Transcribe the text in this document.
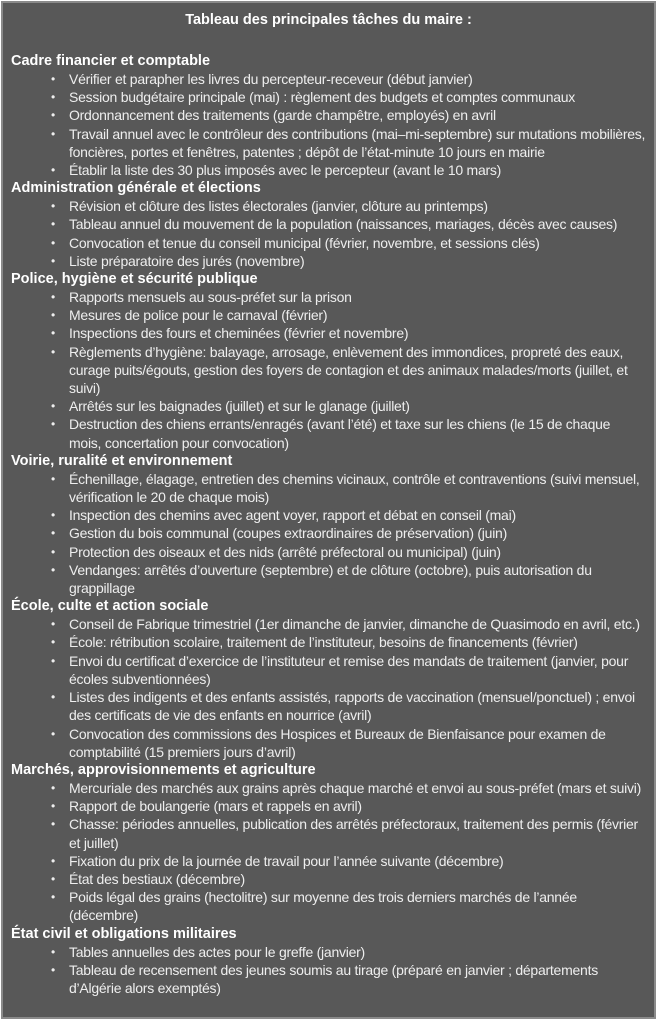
Tableau des principales tâches du maire :
Cadre financier et comptable
• Vérifier et parapher les livres du percepteur-receveur (début janvier)
• Session budgétaire principale (mai) : règlement des budgets et comptes communaux
• Ordonnancement des traitements (garde champêtre, employés) en avril
• Travail annuel avec le contrôleur des contributions (mai–mi-septembre) sur mutations mobilières, foncières, portes et fenêtres, patentes ; dépôt de l’état-minute 10 jours en mairie
• Établir la liste des 30 plus imposés avec le percepteur (avant le 10 mars)
Administration générale et élections
• Révision et clôture des listes électorales (janvier, clôture au printemps)
• Tableau annuel du mouvement de la population (naissances, mariages, décès avec causes)
• Convocation et tenue du conseil municipal (février, novembre, et sessions clés)
• Liste préparatoire des jurés (novembre)
Police, hygiène et sécurité publique
• Rapports mensuels au sous-préfet sur la prison
• Mesures de police pour le carnaval (février)
• Inspections des fours et cheminées (février et novembre)
• Règlements d’hygiène: balayage, arrosage, enlèvement des immondices, propreté des eaux, curage puits/égouts, gestion des foyers de contagion et des animaux malades/morts (juillet, et suivi)
• Arrêtés sur les baignades (juillet) et sur le glanage (juillet)
• Destruction des chiens errants/enragés (avant l’été) et taxe sur les chiens (le 15 de chaque mois, concertation pour convocation)
Voirie, ruralité et environnement
• Échenillage, élagage, entretien des chemins vicinaux, contrôle et contraventions (suivi mensuel, vérification le 20 de chaque mois)
• Inspection des chemins avec agent voyer, rapport et débat en conseil (mai)
• Gestion du bois communal (coupes extraordinaires de préservation) (juin)
• Protection des oiseaux et des nids (arrêté préfectoral ou municipal) (juin)
• Vendanges: arrêtés d’ouverture (septembre) et de clôture (octobre), puis autorisation du grappillage
École, culte et action sociale
• Conseil de Fabrique trimestriel (1er dimanche de janvier, dimanche de Quasimodo en avril, etc.)
• École: rétribution scolaire, traitement de l’instituteur, besoins de financements (février)
• Envoi du certificat d’exercice de l’instituteur et remise des mandats de traitement (janvier, pour écoles subventionnées)
• Listes des indigents et des enfants assistés, rapports de vaccination (mensuel/ponctuel) ; envoi des certificats de vie des enfants en nourrice (avril)
• Convocation des commissions des Hospices et Bureaux de Bienfaisance pour examen de comptabilité (15 premiers jours d’avril)
Marchés, approvisionnements et agriculture
• Mercuriale des marchés aux grains après chaque marché et envoi au sous-préfet (mars et suivi)
• Rapport de boulangerie (mars et rappels en avril)
• Chasse: périodes annuelles, publication des arrêtés préfectoraux, traitement des permis (février et juillet)
• Fixation du prix de la journée de travail pour l’année suivante (décembre)
• État des bestiaux (décembre)
• Poids légal des grains (hectolitre) sur moyenne des trois derniers marchés de l’année (décembre)
État civil et obligations militaires
• Tables annuelles des actes pour le greffe (janvier)
• Tableau de recensement des jeunes soumis au tirage (préparé en janvier ; départements d’Algérie alors exemptés)
